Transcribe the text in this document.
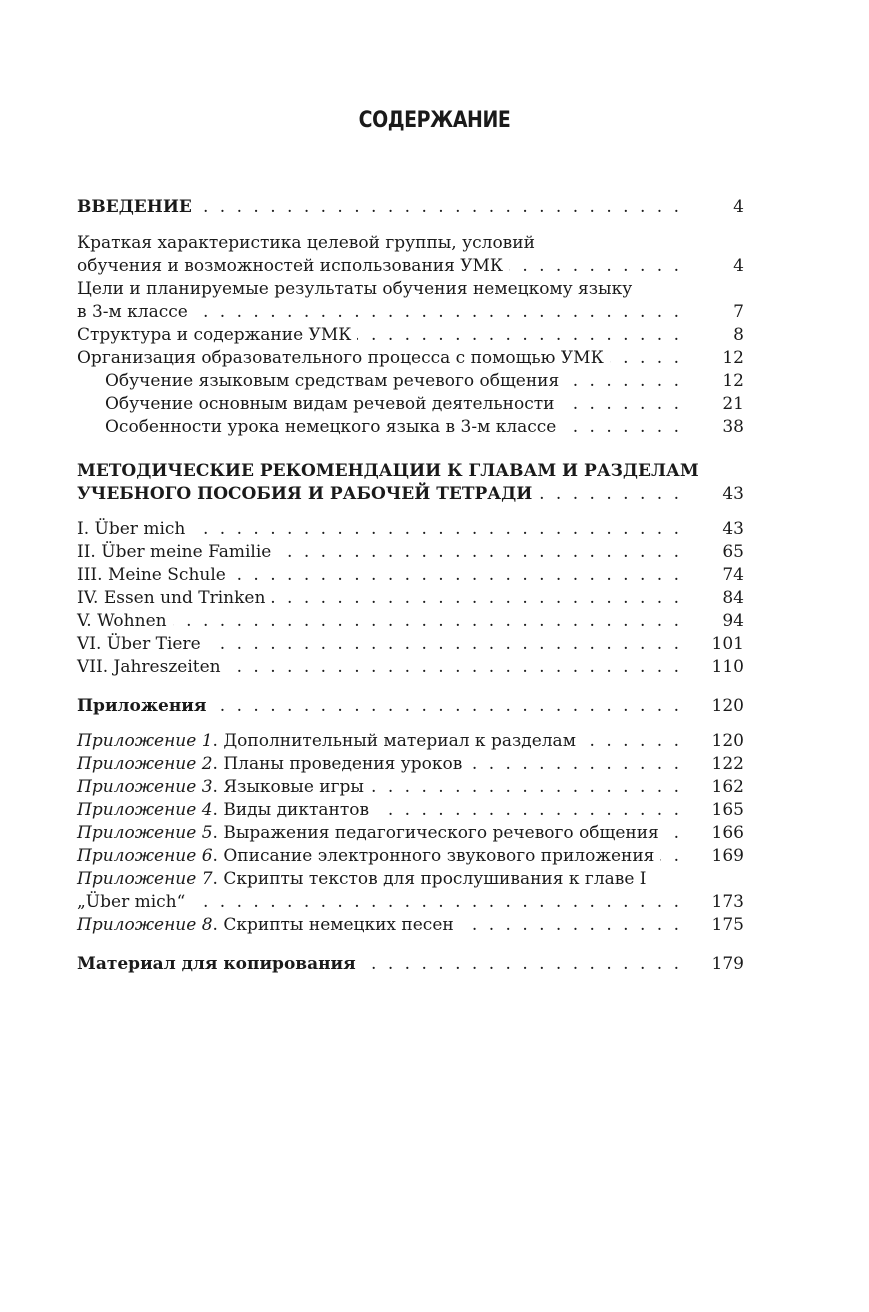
СОДЕРЖАНИЕ
ВВЕДЕНИЕ . . .	4
Краткая характеристика целевой группы, условий
обучения и возможностей использования УМК . . .	4
Цели и планируемые результаты обучения немецкому языку
в 3-м классе . . .	7
Структура и содержание УМК . . .	8
Организация образовательного процесса с помощью УМК . . .	12
Обучение языковым средствам речевого общения . . .	12
Обучение основным видам речевой деятельности . . .	21
Особенности урока немецкого языка в 3-м классе . . .	38
МЕТОДИЧЕСКИЕ РЕКОМЕНДАЦИИ К ГЛАВАМ И РАЗДЕЛАМ
УЧЕБНОГО ПОСОБИЯ И РАБОЧЕЙ ТЕТРАДИ . . .	43
I. Über mich . . .	43
II. Über meine Familie . . .	65
III. Meine Schule . . .	74
IV. Essen und Trinken . . .	84
V. Wohnen . . .	94
VI. Über Tiere . . .	101
VII. Jahreszeiten . . .	110
Приложения . . .	120
Приложение 1. Дополнительный материал к разделам . . .	120
Приложение 2. Планы проведения уроков . . .	122
Приложение 3. Языковые игры . . .	162
Приложение 4. Виды диктантов . . .	165
Приложение 5. Выражения педагогического речевого общения . . .	166
Приложение 6. Описание электронного звукового приложения . . .	169
Приложение 7. Скрипты текстов для прослушивания к главе I
„Über mich“ . . .	173
Приложение 8. Скрипты немецких песен . . .	175
Материал для копирования . . .	179
